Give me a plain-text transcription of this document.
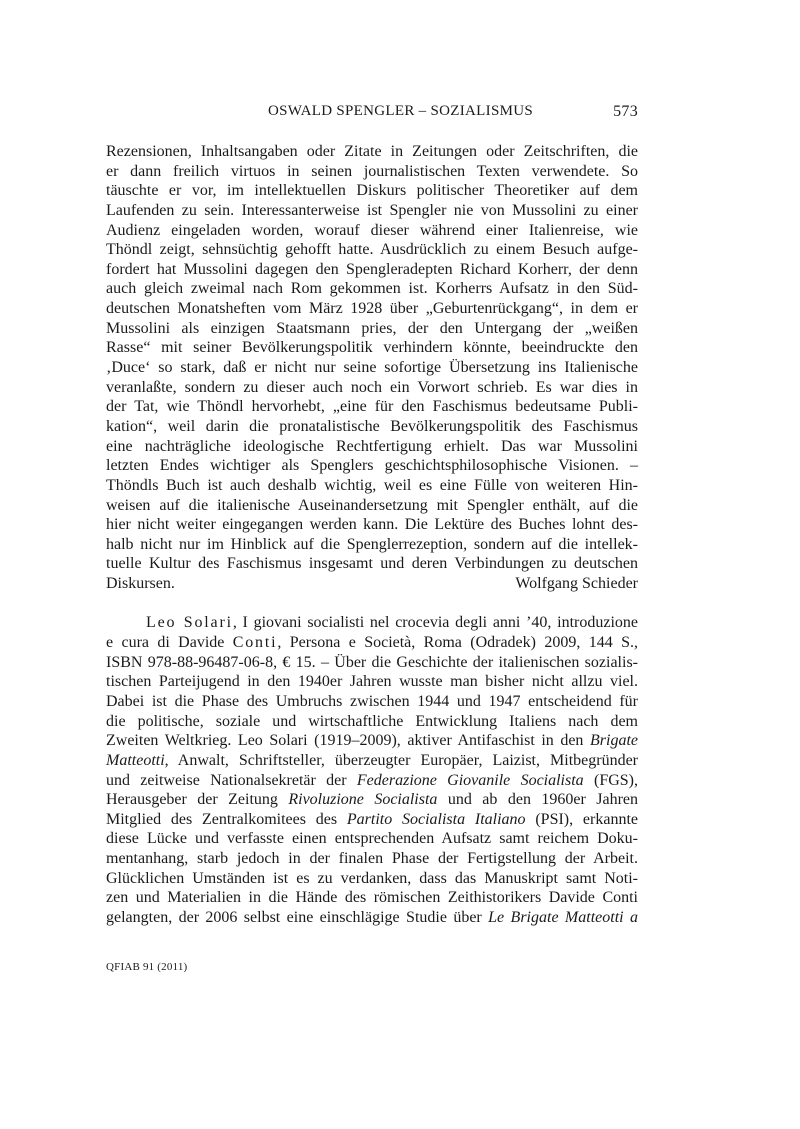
OSWALD SPENGLER – SOZIALISMUS	573
Rezensionen, Inhaltsangaben oder Zitate in Zeitungen oder Zeitschriften, die
er dann freilich virtuos in seinen journalistischen Texten verwendete. So
täuschte er vor, im intellektuellen Diskurs politischer Theoretiker auf dem
Laufenden zu sein. Interessanterweise ist Spengler nie von Mussolini zu einer
Audienz eingeladen worden, worauf dieser während einer Italienreise, wie
Thöndl zeigt, sehnsüchtig gehofft hatte. Ausdrücklich zu einem Besuch aufge-
fordert hat Mussolini dagegen den Spengleradepten Richard Korherr, der denn
auch gleich zweimal nach Rom gekommen ist. Korherrs Aufsatz in den Süd-
deutschen Monatsheften vom März 1928 über „Geburtenrückgang“, in dem er
Mussolini als einzigen Staatsmann pries, der den Untergang der „weißen
Rasse“ mit seiner Bevölkerungspolitik verhindern könnte, beeindruckte den
‚Duce‘ so stark, daß er nicht nur seine sofortige Übersetzung ins Italienische
veranlaßte, sondern zu dieser auch noch ein Vorwort schrieb. Es war dies in
der Tat, wie Thöndl hervorhebt, „eine für den Faschismus bedeutsame Publi-
kation“, weil darin die pronatalistische Bevölkerungspolitik des Faschismus
eine nachträgliche ideologische Rechtfertigung erhielt. Das war Mussolini
letzten Endes wichtiger als Spenglers geschichtsphilosophische Visionen. –
Thöndls Buch ist auch deshalb wichtig, weil es eine Fülle von weiteren Hin-
weisen auf die italienische Auseinandersetzung mit Spengler enthält, auf die
hier nicht weiter eingegangen werden kann. Die Lektüre des Buches lohnt des-
halb nicht nur im Hinblick auf die Spenglerrezeption, sondern auf die intellek-
tuelle Kultur des Faschismus insgesamt und deren Verbindungen zu deutschen
Diskursen.	Wolfgang Schieder
Leo Solari, I giovani socialisti nel crocevia degli anni ’40, introduzione
e cura di Davide Conti, Persona e Società, Roma (Odradek) 2009, 144 S.,
ISBN 978-88-96487-06-8, € 15. – Über die Geschichte der italienischen sozialis-
tischen Parteijugend in den 1940er Jahren wusste man bisher nicht allzu viel.
Dabei ist die Phase des Umbruchs zwischen 1944 und 1947 entscheidend für
die politische, soziale und wirtschaftliche Entwicklung Italiens nach dem
Zweiten Weltkrieg. Leo Solari (1919–2009), aktiver Antifaschist in den Brigate
Matteotti, Anwalt, Schriftsteller, überzeugter Europäer, Laizist, Mitbegründer
und zeitweise Nationalsekretär der Federazione Giovanile Socialista (FGS),
Herausgeber der Zeitung Rivoluzione Socialista und ab den 1960er Jahren
Mitglied des Zentralkomitees des Partito Socialista Italiano (PSI), erkannte
diese Lücke und verfasste einen entsprechenden Aufsatz samt reichem Doku-
mentanhang, starb jedoch in der finalen Phase der Fertigstellung der Arbeit.
Glücklichen Umständen ist es zu verdanken, dass das Manuskript samt Noti-
zen und Materialien in die Hände des römischen Zeithistorikers Davide Conti
gelangten, der 2006 selbst eine einschlägige Studie über Le Brigate Matteotti a
QFIAB 91 (2011)
